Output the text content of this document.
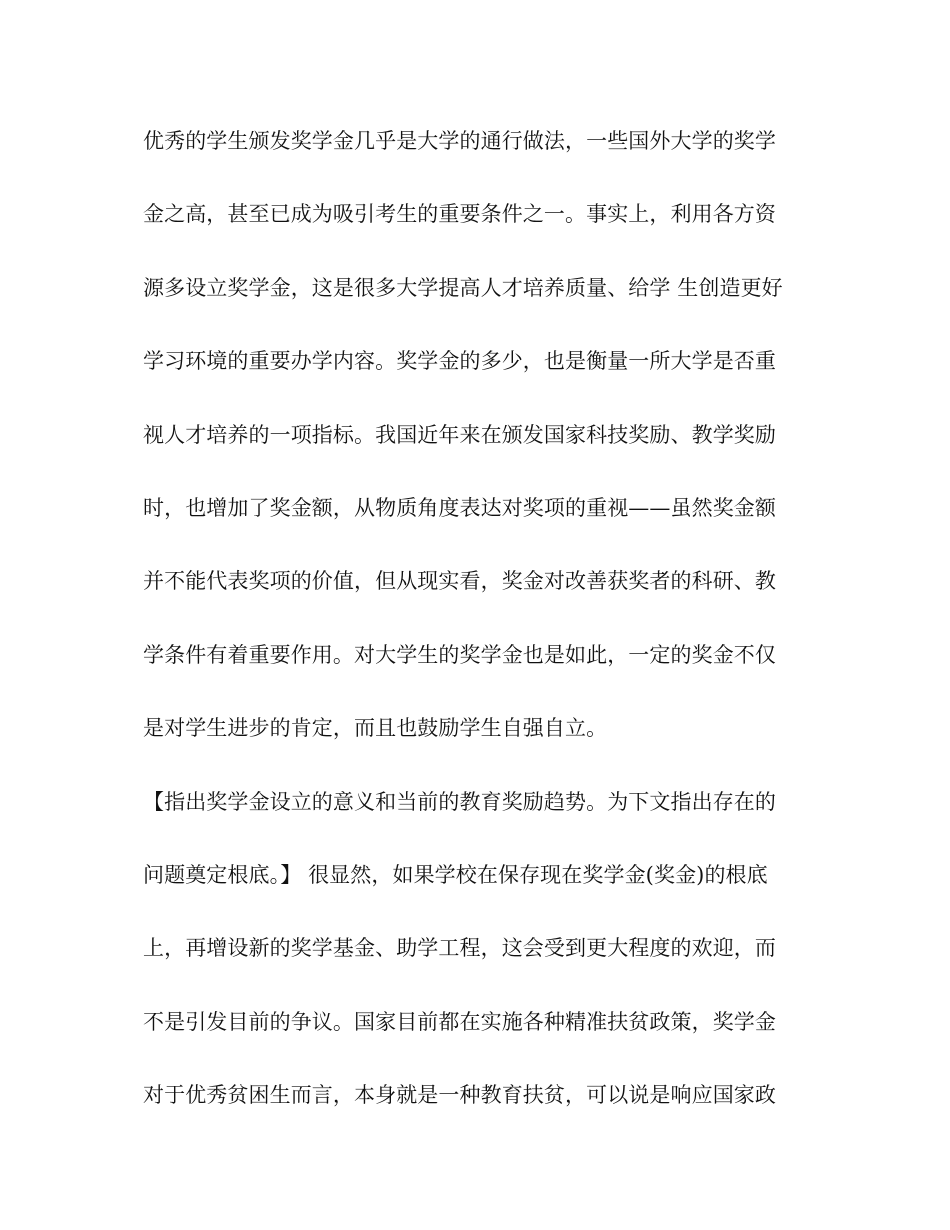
优秀的学生颁发奖学金几乎是大学的通行做法，一些国外大学的奖学
金之高，甚至已成为吸引考生的重要条件之一。事实上，利用各方资
源多设立奖学金，这是很多大学提高人才培养质量、给学 生创造更好
学习环境的重要办学内容。奖学金的多少，也是衡量一所大学是否重
视人才培养的一项指标。我国近年来在颁发国家科技奖励、教学奖励
时，也增加了奖金额，从物质角度表达对奖项的重视——虽然奖金额
并不能代表奖项的价值，但从现实看，奖金对改善获奖者的科研、教
学条件有着重要作用。对大学生的奖学金也是如此，一定的奖金不仅
是对学生进步的肯定，而且也鼓励学生自强自立。
【指出奖学金设立的意义和当前的教育奖励趋势。为下文指出存在的
问题奠定根底。】 很显然，如果学校在保存现在奖学金(奖金)的根底
上，再增设新的奖学基金、助学工程，这会受到更大程度的欢迎，而
不是引发目前的争议。国家目前都在实施各种精准扶贫政策，奖学金
对于优秀贫困生而言，本身就是一种教育扶贫，可以说是响应国家政
